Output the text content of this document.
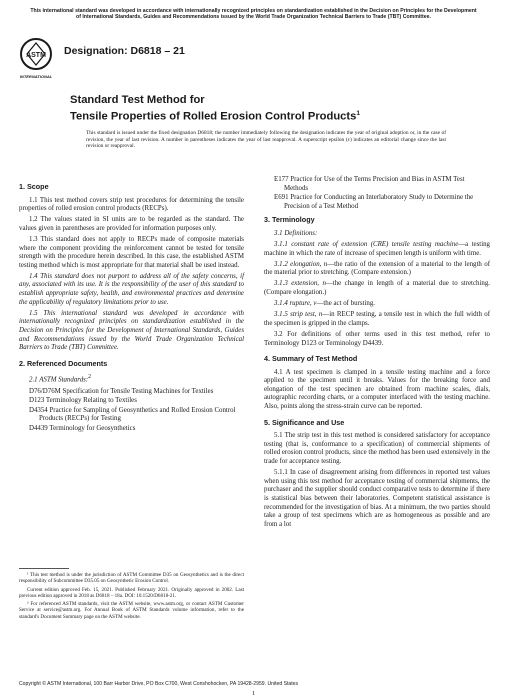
This international standard was developed in accordance with internationally recognized principles on standardization established in the Decision on Principles for the Development of International Standards, Guides and Recommendations issued by the World Trade Organization Technical Barriers to Trade (TBT) Committee.
ASTM
INTERNATIONAL
Designation: D6818 – 21
Standard Test Method for
Tensile Properties of Rolled Erosion Control Products$^1$
This standard is issued under the fixed designation D6818; the number immediately following the designation indicates the year of original adoption or, in the case of revision, the year of last revision. A number in parentheses indicates the year of last reapproval. A superscript epsilon (ε) indicates an editorial change since the last revision or reapproval.
1. Scope

1.1 This test method covers strip test procedures for determining the tensile properties of rolled erosion control products (RECPs).

1.2 The values stated in SI units are to be regarded as the standard. The values given in parentheses are provided for information purposes only.

1.3 This standard does not apply to RECPs made of composite materials where the component providing the reinforcement cannot be tested for tensile strength with the procedure herein described. In this case, the established ASTM testing method which is most appropriate for that material shall be used instead.

1.4 This standard does not purport to address all of the safety concerns, if any, associated with its use. It is the responsibility of the user of this standard to establish appropriate safety, health, and environmental practices and determine the applicability of regulatory limitations prior to use.

1.5 This international standard was developed in accordance with internationally recognized principles on standardization established in the Decision on Principles for the Development of International Standards, Guides and Recommendations issued by the World Trade Organization Technical Barriers to Trade (TBT) Committee.

2. Referenced Documents

2.1 ASTM Standards:$^2$

D76/D76M Specification for Tensile Testing Machines for Textiles

D123 Terminology Relating to Textiles

D4354 Practice for Sampling of Geosynthetics and Rolled Erosion Control Products (RECPs) for Testing

D4439 Terminology for Geosynthetics

¹ This test method is under the jurisdiction of ASTM Committee D35 on Geosynthetics and is the direct responsibility of Subcommittee D35.05 on Geosynthetic Erosion Control.

Current edition approved Feb. 15, 2021. Published February 2021. Originally approved in 2002. Last previous edition approved in 2018 as D6818 – 18a. DOI: 10.1520/D6818-21.

² For referenced ASTM standards, visit the ASTM website, www.astm.org, or contact ASTM Customer Service at service@astm.org. For Annual Book of ASTM Standards volume information, refer to the standard's Document Summary page on the ASTM website.

E177 Practice for Use of the Terms Precision and Bias in ASTM Test Methods

E691 Practice for Conducting an Interlaboratory Study to Determine the Precision of a Test Method

3. Terminology

3.1 Definitions:

3.1.1 constant rate of extension (CRE) tensile testing machine—a testing machine in which the rate of increase of specimen length is uniform with time.

3.1.2 elongation, n—the ratio of the extension of a material to the length of the material prior to stretching. (Compare extension.)

3.1.3 extension, n—the change in length of a material due to stretching. (Compare elongation.)

3.1.4 rupture, v—the act of bursting.

3.1.5 strip test, n—in RECP testing, a tensile test in which the full width of the specimen is gripped in the clamps.

3.2 For definitions of other terms used in this test method, refer to Terminology D123 or Terminology D4439.

4. Summary of Test Method

4.1 A test specimen is clamped in a tensile testing machine and a force applied to the specimen until it breaks. Values for the breaking force and elongation of the test specimen are obtained from machine scales, dials, autographic recording charts, or a computer interfaced with the testing machine. Also, points along the stress-strain curve can be reported.

5. Significance and Use

5.1 The strip test in this test method is considered satisfactory for acceptance testing (that is, conformance to a specification) of commercial shipments of rolled erosion control products, since the method has been used extensively in the trade for acceptance testing.

5.1.1 In case of disagreement arising from differences in reported test values when using this test method for acceptance testing of commercial shipments, the purchaser and the supplier should conduct comparative tests to determine if there is statistical bias between their laboratories. Competent statistical assistance is recommended for the investigation of bias. At a minimum, the two parties should take a group of test specimens which are as homogeneous as possible and are from a lot

Copyright © ASTM International, 100 Barr Harbor Drive, PO Box C700, West Conshohocken, PA 19428-2959. United States
1
